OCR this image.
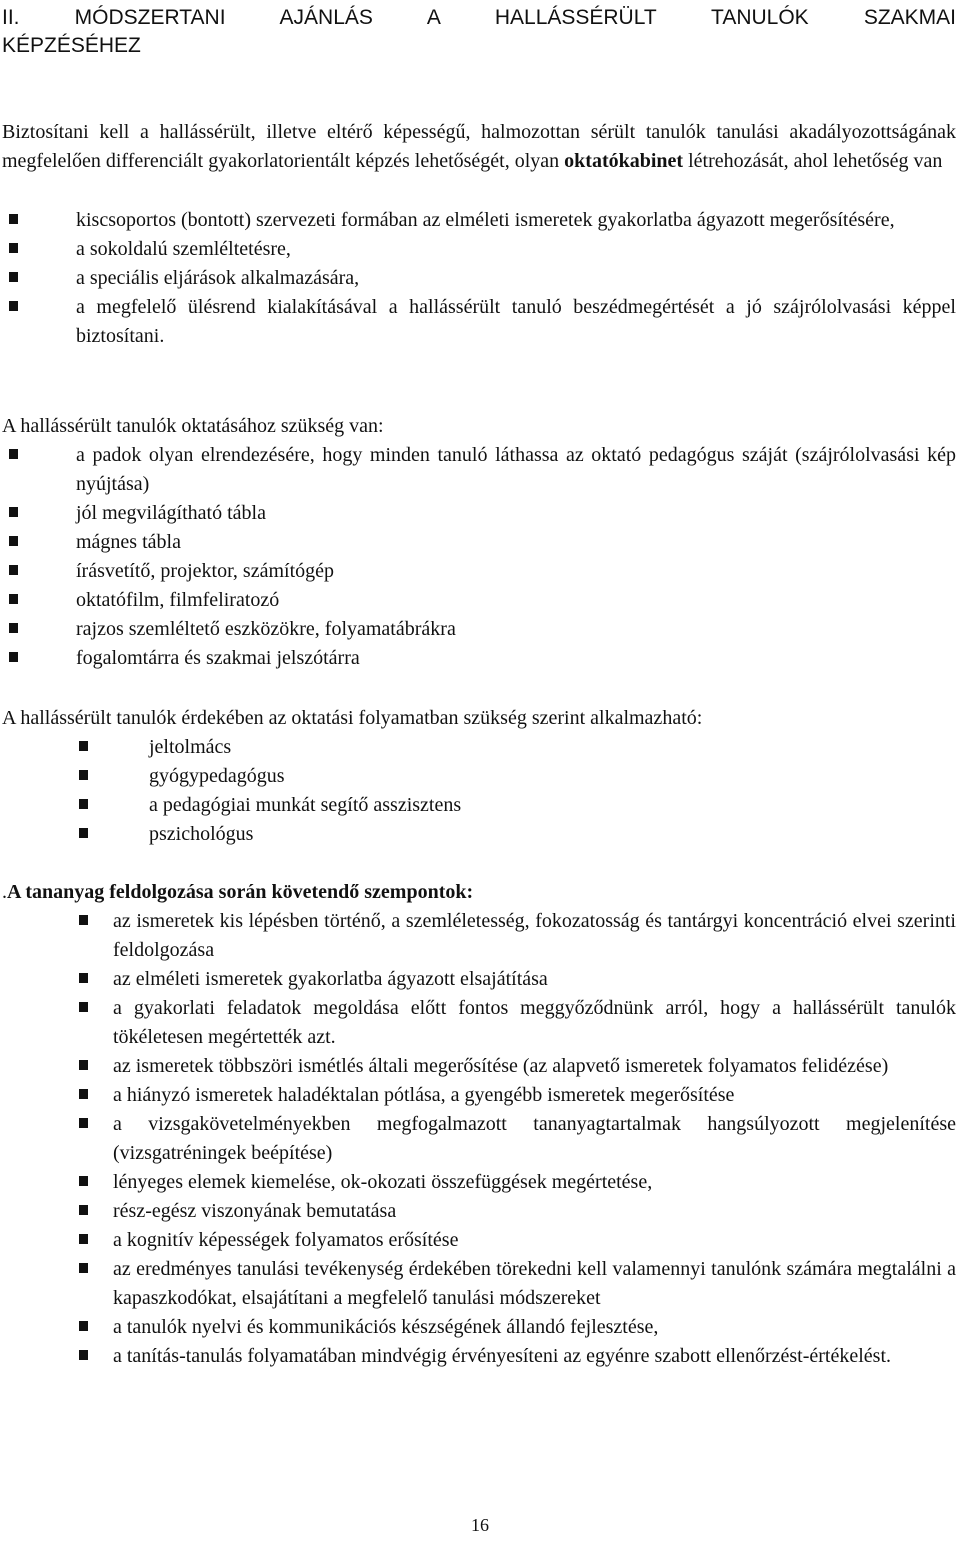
II. MÓDSZERTANI AJÁNLÁS A HALLÁSSÉRÜLT TANULÓK SZAKMAI
KÉPZÉSÉHEZ

Biztosítani kell a hallássérült, illetve eltérő képességű, halmozottan sérült tanulók tanulási akadályozottságának megfelelően differenciált gyakorlatorientált képzés lehetőségét, olyan oktatókabinet létrehozását, ahol lehetőség van

kiscsoportos (bontott) szervezeti formában az elméleti ismeretek gyakorlatba ágyazott megerősítésére,
a sokoldalú szemléltetésre,
a speciális eljárások alkalmazására,
a megfelelő ülésrend kialakításával a hallássérült tanuló beszédmegértését a jó szájrólolvasási képpel biztosítani.

A hallássérült tanulók oktatásához szükség van:

a padok olyan elrendezésére, hogy minden tanuló láthassa az oktató pedagógus száját (szájrólolvasási kép nyújtása)
jól megvilágítható tábla
mágnes tábla
írásvetítő, projektor, számítógép
oktatófilm, filmfeliratozó
rajzos szemléltető eszközökre, folyamatábrákra
fogalomtárra és szakmai jelszótárra

A hallássérült tanulók érdekében az oktatási folyamatban szükség szerint alkalmazható:

jeltolmács
gyógypedagógus
a pedagógiai munkát segítő asszisztens
pszichológus

.A tananyag feldolgozása során követendő szempontok:

az ismeretek kis lépésben történő, a szemléletesség, fokozatosság és tantárgyi koncentráció elvei szerinti feldolgozása
az elméleti ismeretek gyakorlatba ágyazott elsajátítása
a gyakorlati feladatok megoldása előtt fontos meggyőződnünk arról, hogy a hallássérült tanulók tökéletesen megértették azt.
az ismeretek többszöri ismétlés általi megerősítése (az alapvető ismeretek folyamatos felidézése)
a hiányzó ismeretek haladéktalan pótlása, a gyengébb ismeretek megerősítése
a vizsgakövetelményekben megfogalmazott tananyagtartalmak hangsúlyozott megjelenítése (vizsgatréningek beépítése)
lényeges elemek kiemelése, ok-okozati összefüggések megértetése,
rész-egész viszonyának bemutatása
a kognitív képességek folyamatos erősítése
az eredményes tanulási tevékenység érdekében törekedni kell valamennyi tanulónk számára megtalálni a kapaszkodókat, elsajátítani a megfelelő tanulási módszereket
a tanulók nyelvi és kommunikációs készségének állandó fejlesztése,
a tanítás-tanulás folyamatában mindvégig érvényesíteni az egyénre szabott ellenőrzést-értékelést.
16
